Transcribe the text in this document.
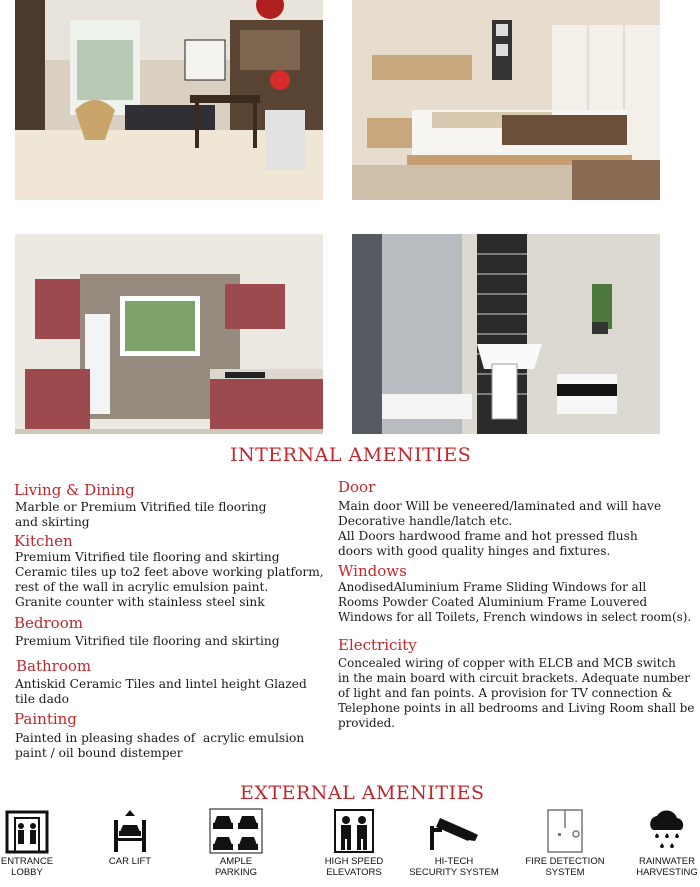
INTERNAL AMENITIES
Living & Dining
Marble or Premium Vitrified tile flooring
and skirting
Kitchen
Premium Vitrified tile flooring and skirting
Ceramic tiles up to2 feet above working platform,
rest of the wall in acrylic emulsion paint.
Granite counter with stainless steel sink
Bedroom
Premium Vitrified tile flooring and skirting
Bathroom
Antiskid Ceramic Tiles and lintel height Glazed
tile dado
Painting
Painted in pleasing shades of  acrylic emulsion
paint / oil bound distemper
Door
Main door Will be veneered/laminated and will have
Decorative handle/latch etc.
All Doors hardwood frame and hot pressed flush
doors with good quality hinges and fixtures.
Windows
AnodisedAluminium Frame Sliding Windows for all
Rooms Powder Coated Aluminium Frame Louvered
Windows for all Toilets, French windows in select room(s).
Electricity
Concealed wiring of copper with ELCB and MCB switch
in the main board with circuit brackets. Adequate number
of light and fan points. A provision for TV connection &
Telephone points in all bedrooms and Living Room shall be
provided.
EXTERNAL AMENITIES
ENTRANCE
LOBBY
CAR LIFT	AMPLE
PARKING
HIGH SPEED
ELEVATORS
HI-TECH
SECURITY SYSTEM
FIRE DETECTION
SYSTEM
RAINWATER
HARVESTING
